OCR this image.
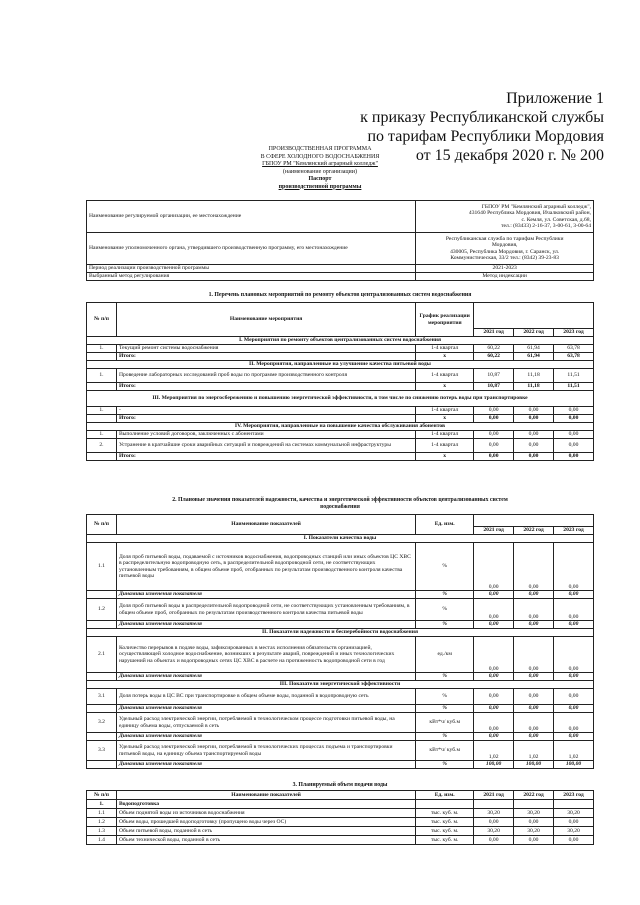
Приложение 1
к приказу Республиканской службы
по тарифам Республики Мордовия
от 15 декабря 2020 г. № 200
ПРОИЗВОДСТВЕННАЯ ПРОГРАММА
В СФЕРЕ ХОЛОДНОГО ВОДОСНАБЖЕНИЯ
ГБПОУ РМ "Кемлянский аграрный колледж"
(наименование организации)
Паспорт
производственной программы
Наименование регулируемой организации, ее местонахождение	ГБПОУ РМ "Кемлянский аграрный колледж",
431640 Республика Мордовия, Ичалковский район,
с. Кемля, ул. Советская, д.68,
тел.: (83433) 2-16-37, 3-00-61, 3-00-64

Наименование уполномоченного органа, утвердившего производственную программу, его местонахождение	Республиканская служба по тарифам Республики
Мордовия,
430005, Республика Мордовия, г. Саранск, ул.
Коммунистическая, 33/2 тел.: (8342) 39-23-83

Период реализации производственной программы	2021-2023
Выбранный метод регулирования	Метод индексации
1. Перечень плановых мероприятий по ремонту объектов централизованных систем водоснабжения
№ п/п	Наименование мероприятия	График реализации мероприятия			
			2021 год	2022 год	2023 год
I. Мероприятия по ремонту объектов централизованных систем водоснабжения					
1.	Текущий ремонт системы водоснабжения	1-4 квартал	60,22	61,94	63,78
	Итого:	х	60,22	61,94	63,78
II. Мероприятия, направленные на улучшение качества питьевой воды					
1.	Проведение лабораторных исследований проб воды по программе производственного контроля	1-4 квартал	10,87	11,18	11,51
	Итого:	х	10,87	11,18	11,51
III. Мероприятия по энергосбережению и повышению энергетической эффективности, в том числе по снижению потерь воды при транспортировке					
1.	-	1-4 квартал	0,00	0,00	0,00
	Итого:	х	0,00	0,00	0,00
IV. Мероприятия, направленные на повышение качества обслуживания абонентов					
1.	Выполнение условий договоров, заключенных с абонентами	1-4 квартал	0,00	0,00	0,00
2.	Устранение в кратчайшие сроки аварийных ситуаций и повреждений на системах коммунальной инфраструктуры	1-4 квартал	0,00	0,00	0,00
	Итого:	х	0,00	0,00	0,00
2. Плановые значения показателей надежности, качества и энергетической эффективности объектов централизованных систем
водоснабжения
№ п/п	Наименование показателей	Ед. изм.			
			2021 год	2022 год	2023 год
I. Показатели качества воды					
1.1	Доля проб питьевой воды, подаваемой с источников водоснабжения, водопроводных станций или иных объектов ЦС ХВС в распределительную водопроводную сеть, в распределительной водопроводной сети, не соответствующих установленным требованиям, в общем объеме проб, отобранных по результатам производственного контроля качества питьевой воды	%	0,00	0,00	0,00
	Динамика изменения показателя	%	0,00	0,00	0,00
1.2	Доля проб питьевой воды в распределительной водопроводной сети, не соответствующих установленным требованиям, в общем объеме проб, отобранных по результатам производственного контроля качества питьевой воды	%	0,00	0,00	0,00
	Динамика изменения показателя	%	0,00	0,00	0,00
II. Показатели надежности и бесперебойности водоснабжения					
2.1	Количество перерывов в подаче воды, зафиксированных в местах исполнения обязательств организацией, осуществляющей холодное водоснабжение, возникших в результате аварий, повреждений и иных технологических нарушений на объектах и водопроводных сетях ЦС ХВС в расчете на протяженность водопроводной сети в год	ед./км	0,00	0,00	0,00
	Динамика изменения показателя	%	0,00	0,00	0,00
III. Показатели энергетической эффективности					
3.1	Доля потерь воды в ЦС ВС при транспортировке в общем объеме воды, поданной в водопроводную сеть	%	0,00	0,00	0,00
	Динамика изменения показателя	%	0,00	0,00	0,00
3.2	Удельный расход электрической энергии, потребляемой в технологическом процессе подготовки питьевой воды, на единицу объема воды, отпускаемой в сеть	кВт*ч/ куб.м	0,00	0,00	0,00
	Динамика изменения показателя	%	0,00	0,00	0,00
3.3	Удельный расход электрической энергии, потребляемой в технологических процессах подъема и транспортировки питьевой воды, на единицу объема транспортируемой воды	кВт*ч/ куб.м	1,02	1,02	1,02
	Динамика изменения показателя	%	100,00	100,00	100,00
3. Планируемый объем подачи воды
№ п/п	Наименование показателей	Ед. изм.	2021 год	2022 год	2023 год
1.	Водоподготовка				
1.1	Объем поднятой воды из источников водоснабжения	тыс. куб. м.	30,20	30,20	30,20
1.2	Объем воды, прошедшей водоподготовку (пропущено воды через ОС)	тыс. куб. м.	0,00	0,00	0,00
1.3	Объем питьевой воды, поданной в сеть	тыс. куб. м.	30,20	30,20	30,20
1.4	Объем технической воды, поданной в сеть	тыс. куб. м.	0,00	0,00	0,00
